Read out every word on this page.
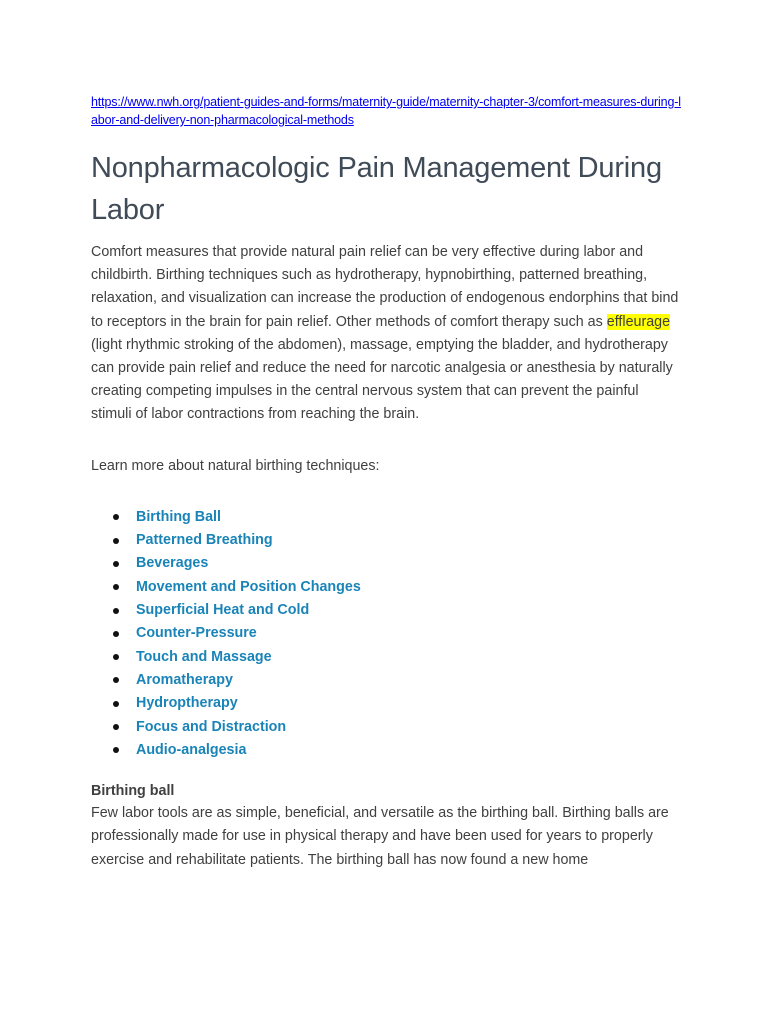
https://www.nwh.org/patient-guides-and-forms/maternity-guide/maternity-chapter-3/comfort-measures-during-labor-and-delivery-non-pharmacological-methods
Nonpharmacologic Pain Management During Labor

Comfort measures that provide natural pain relief can be very effective during labor and childbirth. Birthing techniques such as hydrotherapy, hypnobirthing, patterned breathing, relaxation, and visualization can increase the production of endogenous endorphins that bind to receptors in the brain for pain relief. Other methods of comfort therapy such as effleurage (light rhythmic stroking of the abdomen), massage, emptying the bladder, and hydrotherapy can provide pain relief and reduce the need for narcotic analgesia or anesthesia by naturally creating competing impulses in the central nervous system that can prevent the painful stimuli of labor contractions from reaching the brain.

Learn more about natural birthing techniques:

Birthing Ball
Patterned Breathing
Beverages
Movement and Position Changes
Superficial Heat and Cold
Counter-Pressure
Touch and Massage
Aromatherapy
Hydroptherapy
Focus and Distraction
Audio-analgesia
Birthing ball

Few labor tools are as simple, beneficial, and versatile as the birthing ball. Birthing balls are professionally made for use in physical therapy and have been used for years to properly exercise and rehabilitate patients. The birthing ball has now found a new home
